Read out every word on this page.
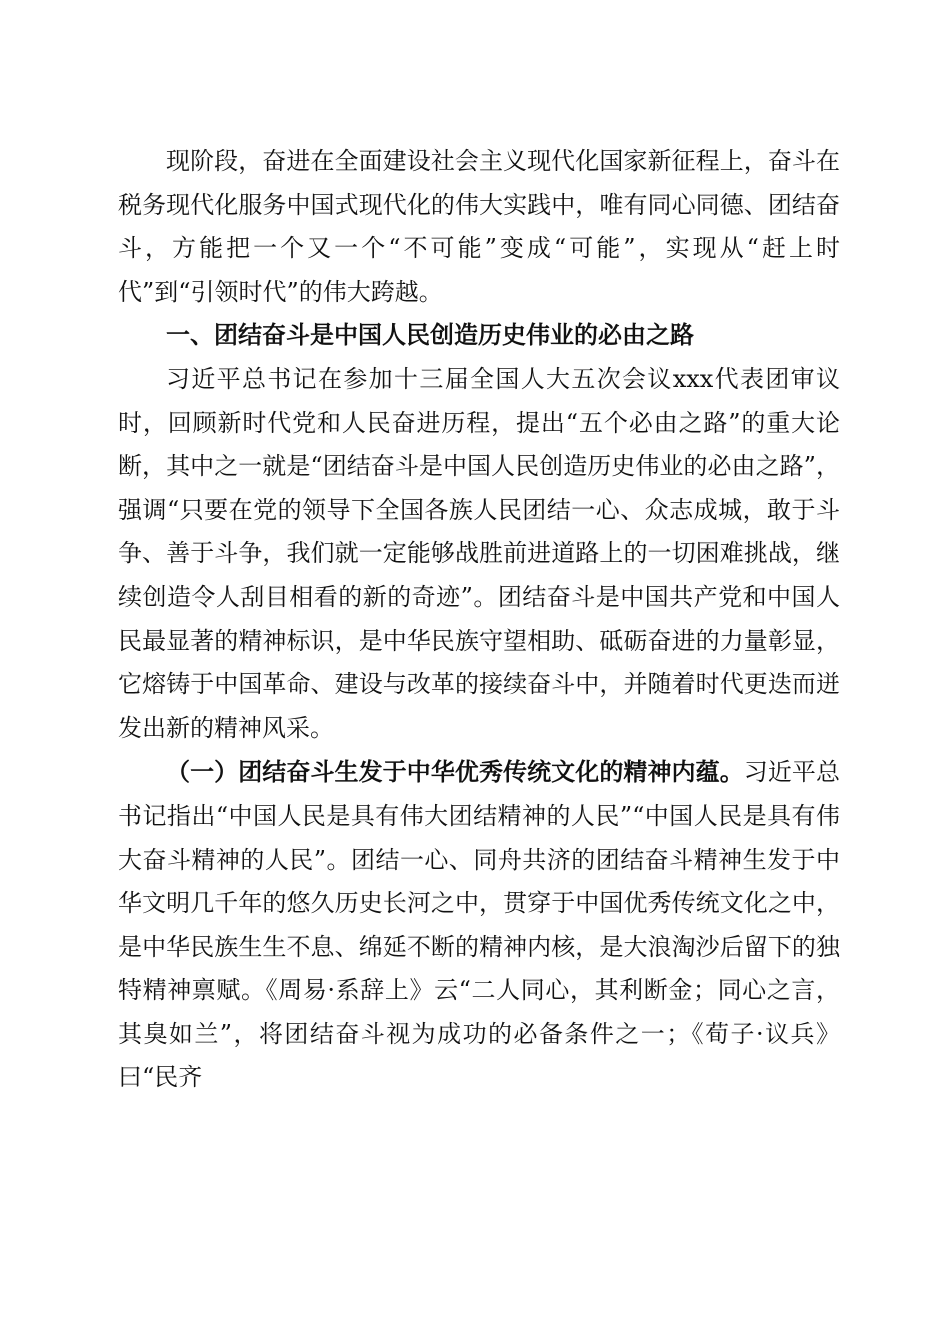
现阶段，奋进在全面建设社会主义现代化国家新征程上，奋斗在税务现代化服务中国式现代化的伟大实践中，唯有同心同德、团结奋斗，方能把一个又一个“不可能”变成“可能”，实现从“赶上时代”到“引领时代”的伟大跨越。

一、团结奋斗是中国人民创造历史伟业的必由之路

习近平总书记在参加十三届全国人大五次会议xxx代表团审议时，回顾新时代党和人民奋进历程，提出“五个必由之路”的重大论断，其中之一就是“团结奋斗是中国人民创造历史伟业的必由之路”，强调“只要在党的领导下全国各族人民团结一心、众志成城，敢于斗争、善于斗争，我们就一定能够战胜前进道路上的一切困难挑战，继续创造令人刮目相看的新的奇迹”。团结奋斗是中国共产党和中国人民最显著的精神标识，是中华民族守望相助、砥砺奋进的力量彰显，它熔铸于中国革命、建设与改革的接续奋斗中，并随着时代更迭而迸发出新的精神风采。

（一）团结奋斗生发于中华优秀传统文化的精神内蕴。习近平总书记指出“中国人民是具有伟大团结精神的人民”“中国人民是具有伟大奋斗精神的人民”。团结一心、同舟共济的团结奋斗精神生发于中华文明几千年的悠久历史长河之中，贯穿于中国优秀传统文化之中，是中华民族生生不息、绵延不断的精神内核，是大浪淘沙后留下的独特精神禀赋。《周易·系辞上》云“二人同心，其利断金；同心之言，其臭如兰”，将团结奋斗视为成功的必备条件之一；《荀子·议兵》曰“民齐
